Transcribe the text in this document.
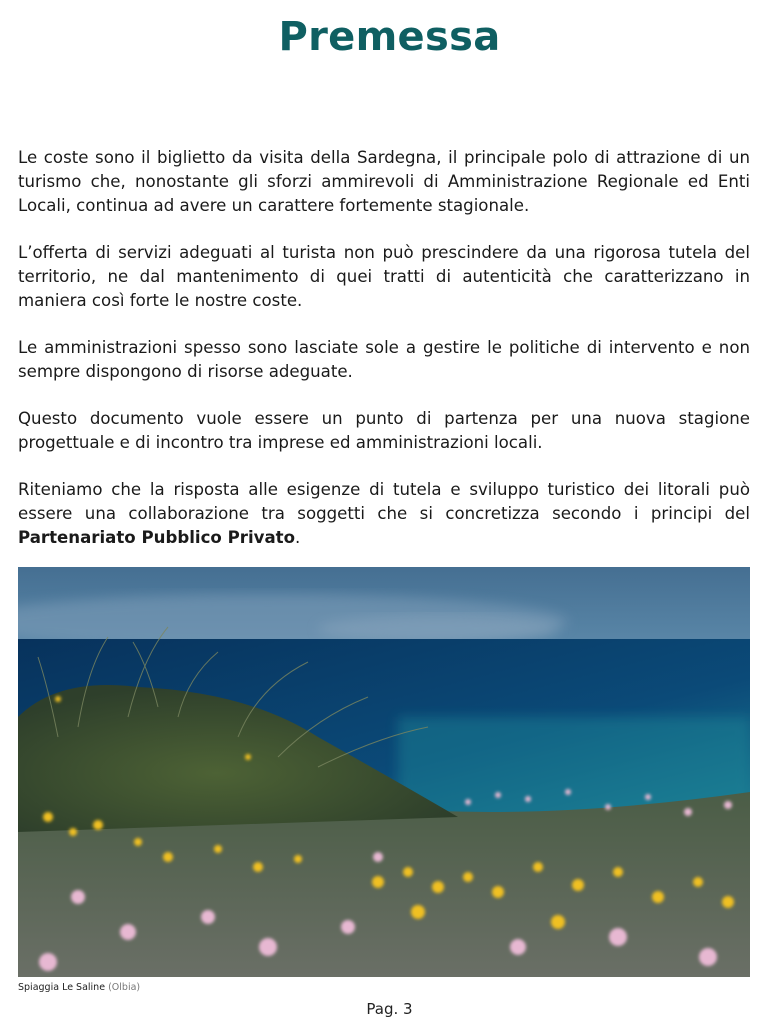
Premessa

Le coste sono il biglietto da visita della Sardegna, il principale polo di attrazione di un turismo che, nonostante gli sforzi ammirevoli di Amministrazione Regionale ed Enti Locali, continua ad avere un carattere fortemente stagionale.

L’offerta di servizi adeguati al turista non può prescindere da una rigorosa tutela del territorio, ne dal mantenimento di quei tratti di autenticità che caratterizzano in maniera così forte le nostre coste.

Le amministrazioni spesso sono lasciate sole a gestire le politiche di intervento e non sempre dispongono di risorse adeguate.

Questo documento vuole essere un punto di partenza per una nuova stagione progettuale e di incontro tra imprese ed amministrazioni locali.

Riteniamo che la risposta alle esigenze di tutela e sviluppo turistico dei litorali può essere una collaborazione tra soggetti che si concretizza secondo i principi del Partenariato Pubblico Privato.

Spiaggia Le Saline (Olbia)
Pag. 3
